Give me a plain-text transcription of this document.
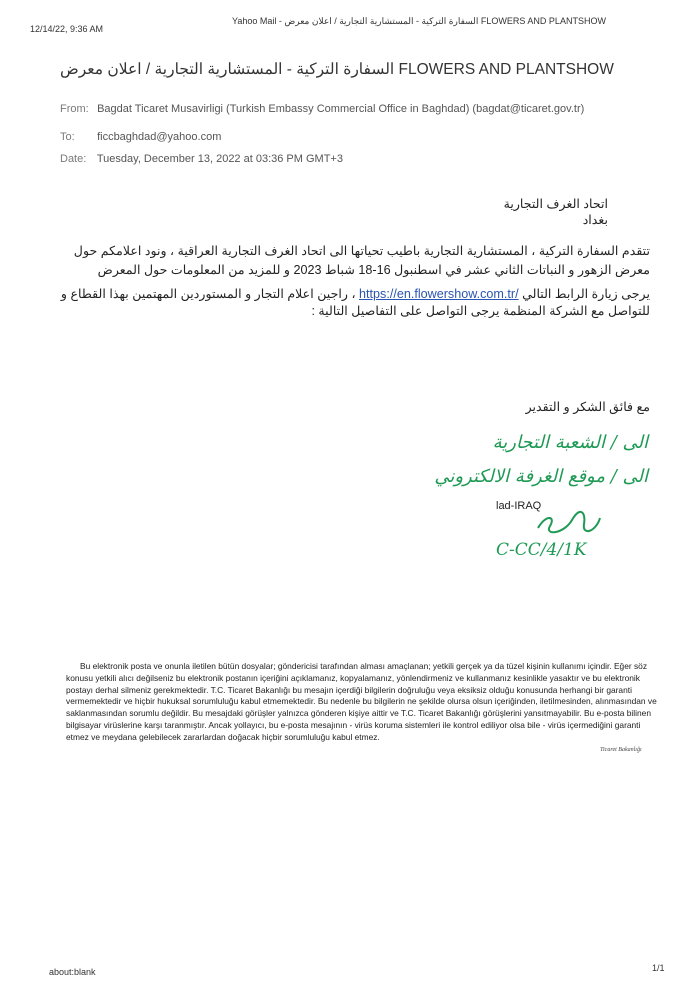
12/14/22, 9:36 AM
Yahoo Mail - السفارة التركية - المستشارية التجارية / اعلان معرض FLOWERS AND PLANTSHOW
السفارة التركية - المستشارية التجارية / اعلان معرض FLOWERS AND PLANTSHOW
From: Bagdat Ticaret Musavirligi (Turkish Embassy Commercial Office in Baghdad) (bagdat@ticaret.gov.tr)
To: ficcbaghdad@yahoo.com
Date: Tuesday, December 13, 2022 at 03:36 PM GMT+3
اتحاد الغرف التجارية
بغداد
تتقدم السفارة التركية ، المستشارية التجارية باطيب تحياتها الى اتحاد الغرف التجارية العراقية ، ونود اعلامكم حول
معرض الزهور و النباتات الثاني عشر في اسطنبول 16-18 شباط 2023 و للمزيد من المعلومات حول المعرض
يرجى زيارة الرابط التالي https://en.flowershow.com.tr/ ، راجين اعلام التجار و المستوردين المهتمين بهذا القطاع و
للتواصل مع الشركة المنظمة يرجى التواصل على التفاصيل التالية :
مع فائق الشكر و التقدير
الى / الشعبة التجارية
الى / موقع الغرفة الالكتروني
lad-IRAQ
C-CC/4/1K
Bu elektronik posta ve onunla iletilen bütün dosyalar; göndericisi tarafından alması amaçlanan; yetkili gerçek ya da tüzel kişinin kullanımı içindir. Eğer söz konusu yetkili alıcı değilseniz bu elektronik postanın içeriğini açıklamanız, kopyalamanız, yönlendirmeniz ve kullanmanız kesinlikle yasaktır ve bu elektronik postayı derhal silmeniz gerekmektedir. T.C. Ticaret Bakanlığı bu mesajın içerdiği bilgilerin doğruluğu veya eksiksiz olduğu konusunda herhangi bir garanti vermemektedir ve hiçbir hukuksal sorumluluğu kabul etmemektedir. Bu nedenle bu bilgilerin ne şekilde olursa olsun içeriğinden, iletilmesinden, alınmasından ve saklanmasından sorumlu değildir. Bu mesajdaki görüşler yalnızca gönderen kişiye aittir ve T.C. Ticaret Bakanlığı görüşlerini yansıtmayabilir. Bu e-posta bilinen bilgisayar virüslerine karşı taranmıştır. Ancak yollayıcı, bu e-posta mesajının - virüs koruma sistemleri ile kontrol ediliyor olsa bile - virüs içermediğini garanti etmez ve meydana gelebilecek zararlardan doğacak hiçbir sorumluluğu kabul etmez.
Ticaret Bakanlığı
about:blank	1/1
